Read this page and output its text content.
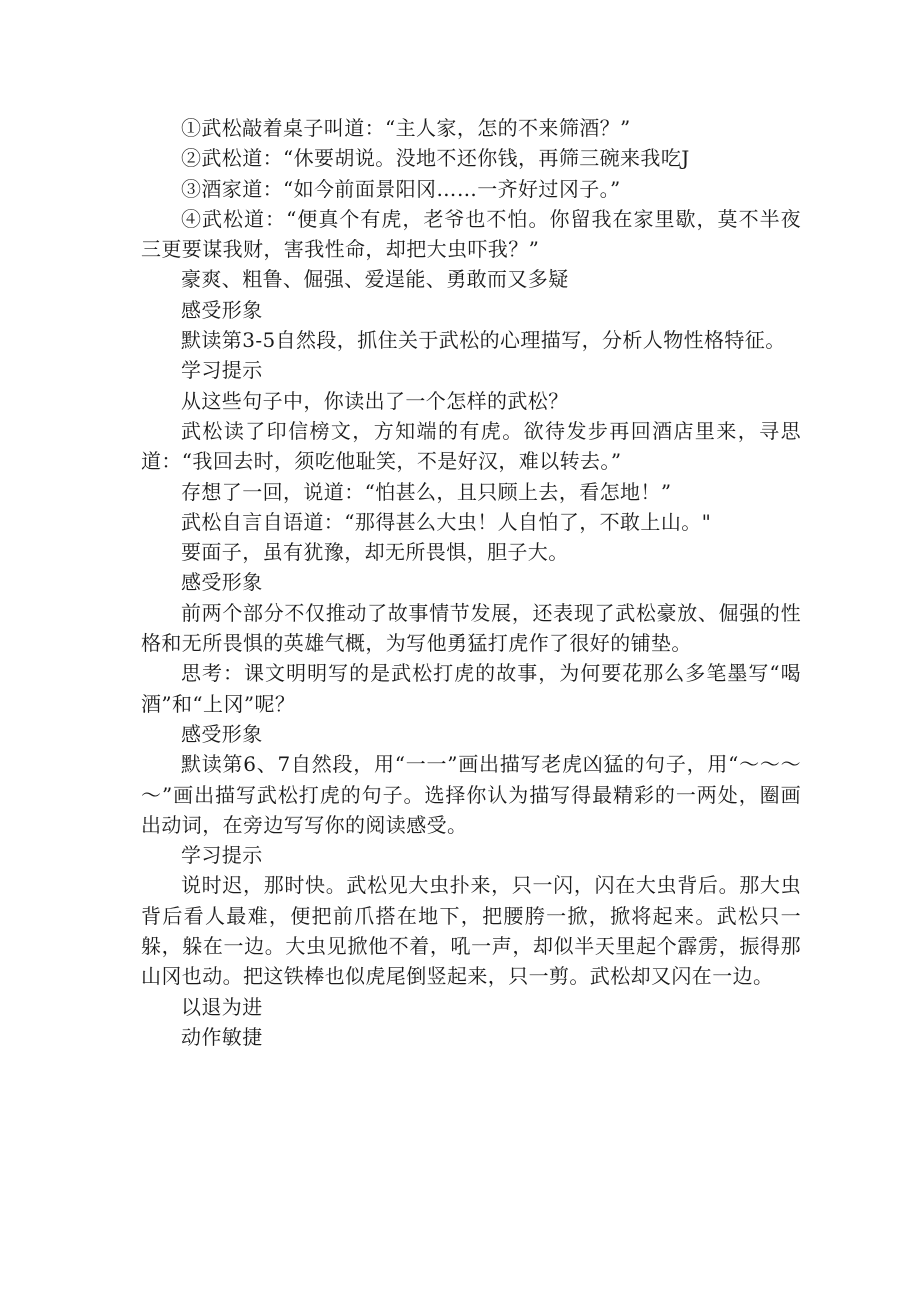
①武松敲着桌子叫道：“主人家，怎的不来筛酒？”

②武松道：“休要胡说。没地不还你钱，再筛三碗来我吃J

③酒家道：“如今前面景阳冈……一齐好过冈子。”

④武松道：“便真个有虎，老爷也不怕。你留我在家里歇，莫不半夜三更要谋我财，害我性命，却把大虫吓我？”

豪爽、粗鲁、倔强、爱逞能、勇敢而又多疑

感受形象

默读第3-5自然段，抓住关于武松的心理描写，分析人物性格特征。

学习提示

从这些句子中，你读出了一个怎样的武松？

武松读了印信榜文，方知端的有虎。欲待发步再回酒店里来，寻思道：“我回去时，须吃他耻笑，不是好汉，难以转去。”

存想了一回，说道：“怕甚么，且只顾上去，看怎地！”

武松自言自语道：“那得甚么大虫！人自怕了，不敢上山。"

要面子，虽有犹豫，却无所畏惧，胆子大。

感受形象

前两个部分不仅推动了故事情节发展，还表现了武松豪放、倔强的性格和无所畏惧的英雄气概，为写他勇猛打虎作了很好的铺垫。

思考：课文明明写的是武松打虎的故事，为何要花那么多笔墨写“喝酒”和“上冈”呢？

感受形象

默读第6、7自然段，用“一一”画出描写老虎凶猛的句子，用“～～～～”画出描写武松打虎的句子。选择你认为描写得最精彩的一两处，圈画出动词，在旁边写写你的阅读感受。

学习提示

说时迟，那时快。武松见大虫扑来，只一闪，闪在大虫背后。那大虫背后看人最难，便把前爪搭在地下，把腰胯一掀，掀将起来。武松只一躲，躲在一边。大虫见掀他不着，吼一声，却似半天里起个霹雳，振得那山冈也动。把这铁棒也似虎尾倒竖起来，只一剪。武松却又闪在一边。

以退为进

动作敏捷
